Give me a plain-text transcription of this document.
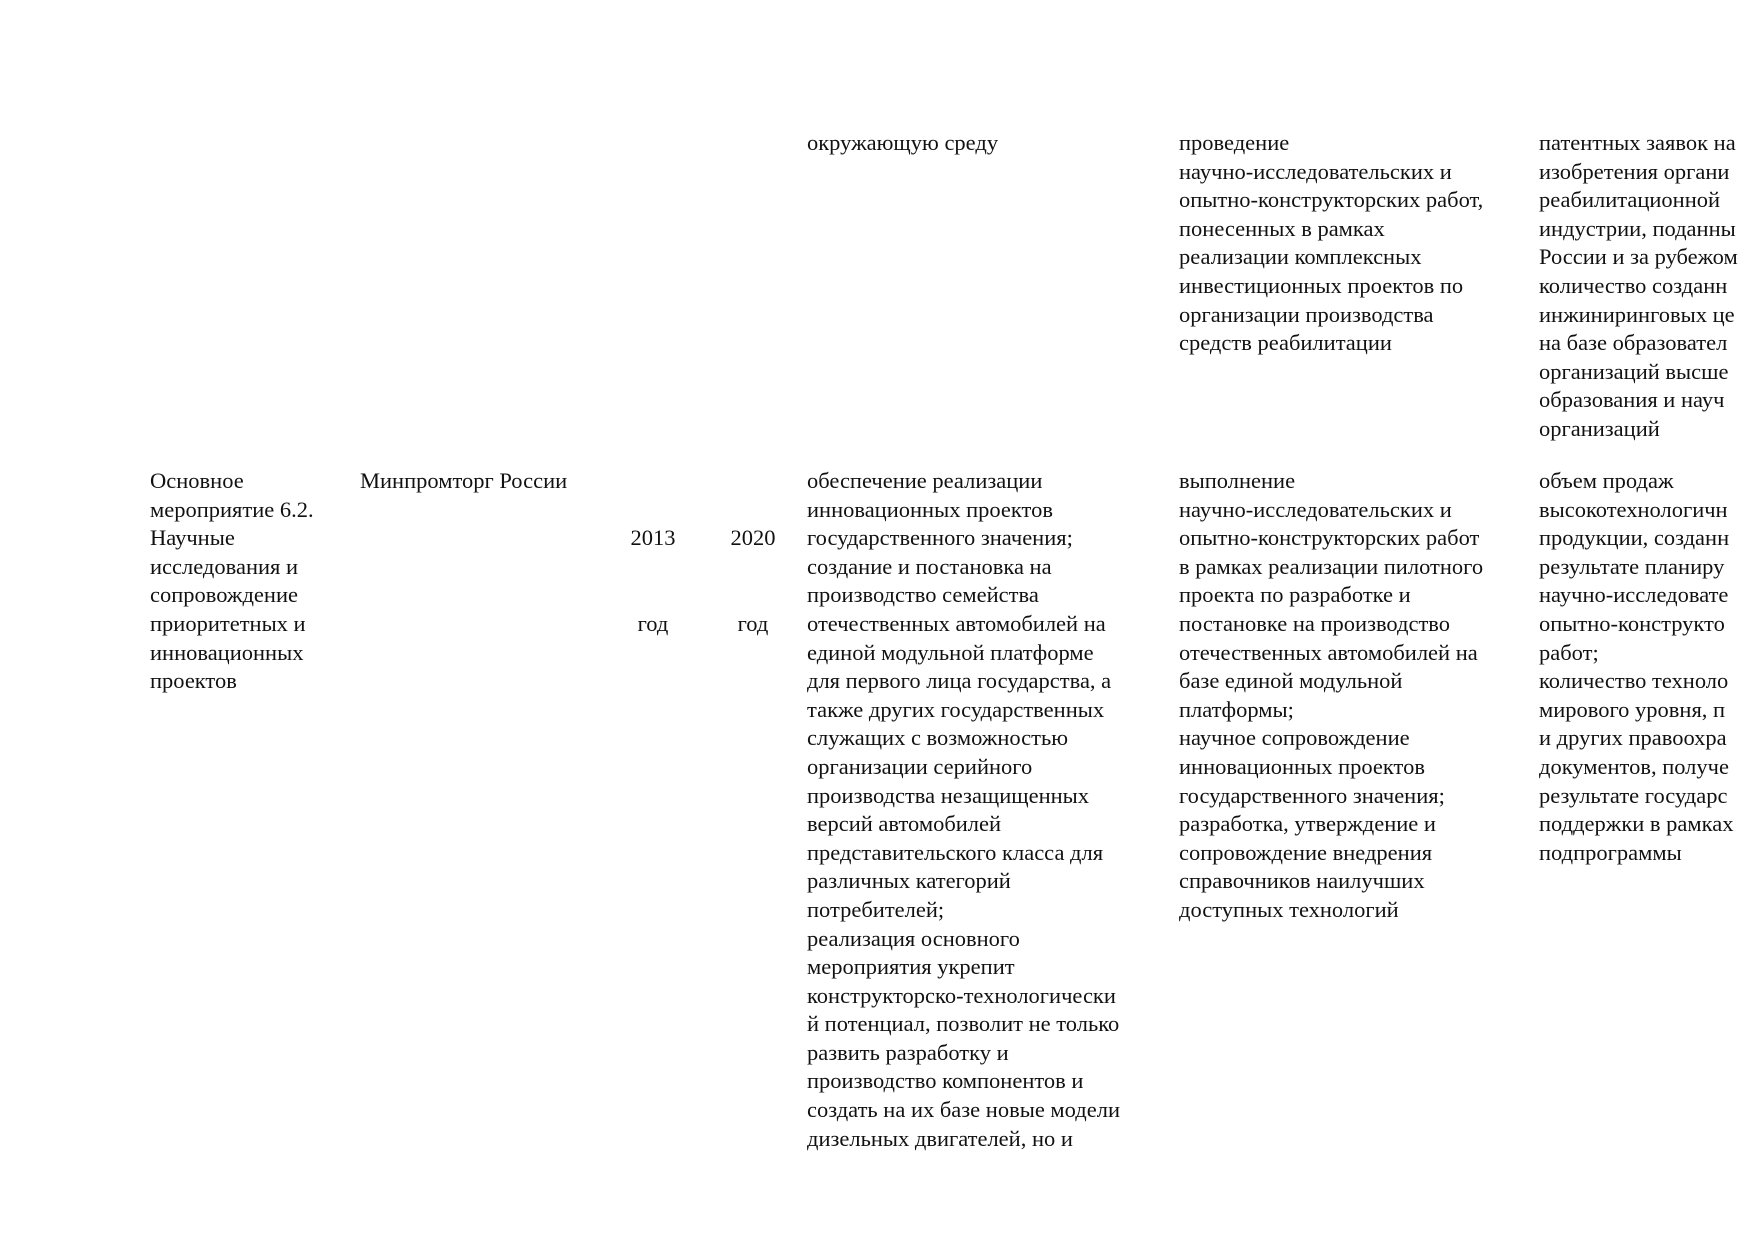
окружающую среду	проведение
научно-исследовательских и
опытно-конструкторских работ,
понесенных в рамках
реализации комплексных
инвестиционных проектов по
организации производства
средств реабилитации
патентных заявок на
изобретения органи
реабилитационной
индустрии, поданны
России и за рубежом
количество созданн
инжиниринговых це
на базе образовател
организаций высше
образования и науч
организаций
Основное
мероприятие 6.2.
Научные
исследования и
сопровождение
приоритетных и
инновационных
проектов
Минпромторг России

2013

год

2020

год

обеспечение реализации
инновационных проектов
государственного значения;
создание и постановка на
производство семейства
отечественных автомобилей на
единой модульной платформе
для первого лица государства, а
также других государственных
служащих с возможностью
организации серийного
производства незащищенных
версий автомобилей
представительского класса для
различных категорий
потребителей;
реализация основного
мероприятия укрепит
конструкторско-технологически
й потенциал, позволит не только
развить разработку и
производство компонентов и
создать на их базе новые модели
дизельных двигателей, но и
выполнение
научно-исследовательских и
опытно-конструкторских работ
в рамках реализации пилотного
проекта по разработке и
постановке на производство
отечественных автомобилей на
базе единой модульной
платформы;
научное сопровождение
инновационных проектов
государственного значения;
разработка, утверждение и
сопровождение внедрения
справочников наилучших
доступных технологий
объем продаж
высокотехнологичн
продукции, созданн
результате планиру
научно-исследовате
опытно-конструкто
работ;
количество техноло
мирового уровня, п
и других правоохра
документов, получе
результате государс
поддержки в рамках
подпрограммы
